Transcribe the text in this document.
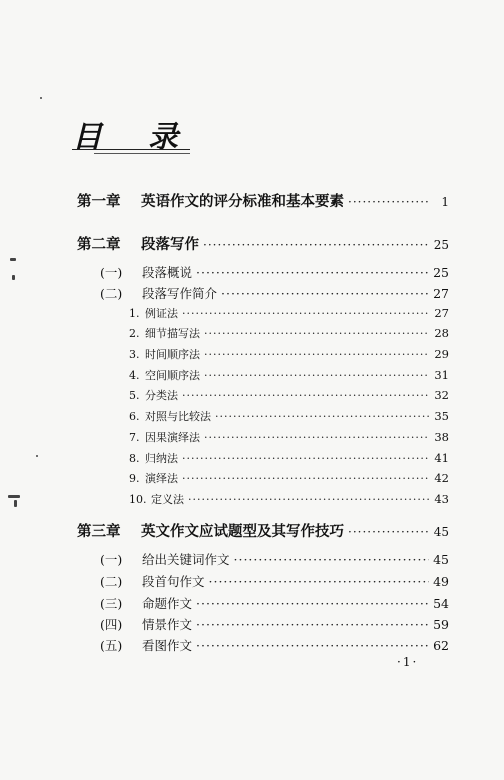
目录
第一章	英语作文的评分标准和基本要素 ·····	1
第二章	段落写作 ·····	25
(一)	段落概说 ·····	25
(二)	段落写作简介 ·····	27
1. 例证法 ·····	27
2. 细节描写法 ·····	28
3. 时间顺序法 ·····	29
4. 空间顺序法 ·····	31
5. 分类法 ·····	32
6. 对照与比较法 ·····	35
7. 因果演绎法 ·····	38
8. 归纳法 ·····	41
9. 演绎法 ·····	42
10. 定义法 ·····	43
第三章	英文作文应试题型及其写作技巧 ·····	45
(一)	给出关键词作文 ·····	45
(二)	段首句作文 ·····	49
(三)	命题作文 ·····	54
(四)	情景作文 ·····	59
(五)	看图作文 ·····	62
·1·
